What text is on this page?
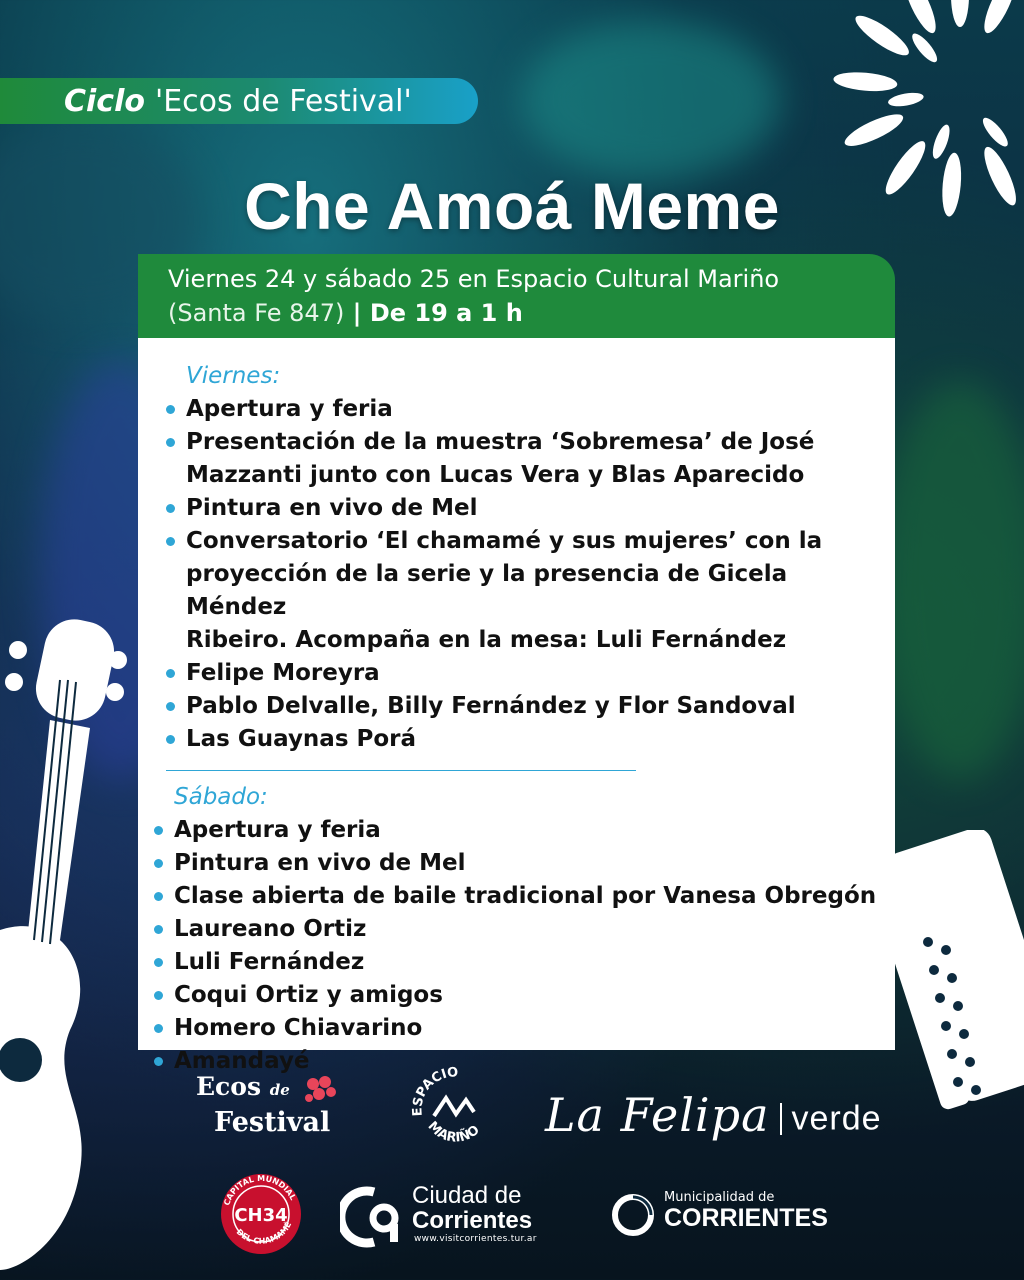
Ciclo 'Ecos de Festival'
Che Amoá Meme
Viernes 24 y sábado 25 en Espacio Cultural Mariño
(Santa Fe 847) | De 19 a 1 h
Viernes:
Apertura y feria
Presentación de la muestra ‘Sobremesa’ de José
Mazzanti junto con Lucas Vera y Blas Aparecido
Pintura en vivo de Mel
Conversatorio ‘El chamamé y sus mujeres’ con la
proyección de la serie y la presencia de Gicela Méndez
Ribeiro. Acompaña en la mesa: Luli Fernández
Felipe Moreyra
Pablo Delvalle, Billy Fernández y Flor Sandoval
Las Guaynas Porá
Sábado:
Apertura y feria
Pintura en vivo de Mel
Clase abierta de baile tradicional por Vanesa Obregón
Laureano Ortiz
Luli Fernández
Coqui Ortiz y amigos
Homero Chiavarino
Amandayé
Ecos de
Festival	ESPACIO
MARIÑO La Felipa verde
CAPITAL MUNDIAL
DEL CHAMAMÉ
CH34
Ciudad de
Corrientes
www.visitcorrientes.tur.ar
Municipalidad de
CORRIENTES
